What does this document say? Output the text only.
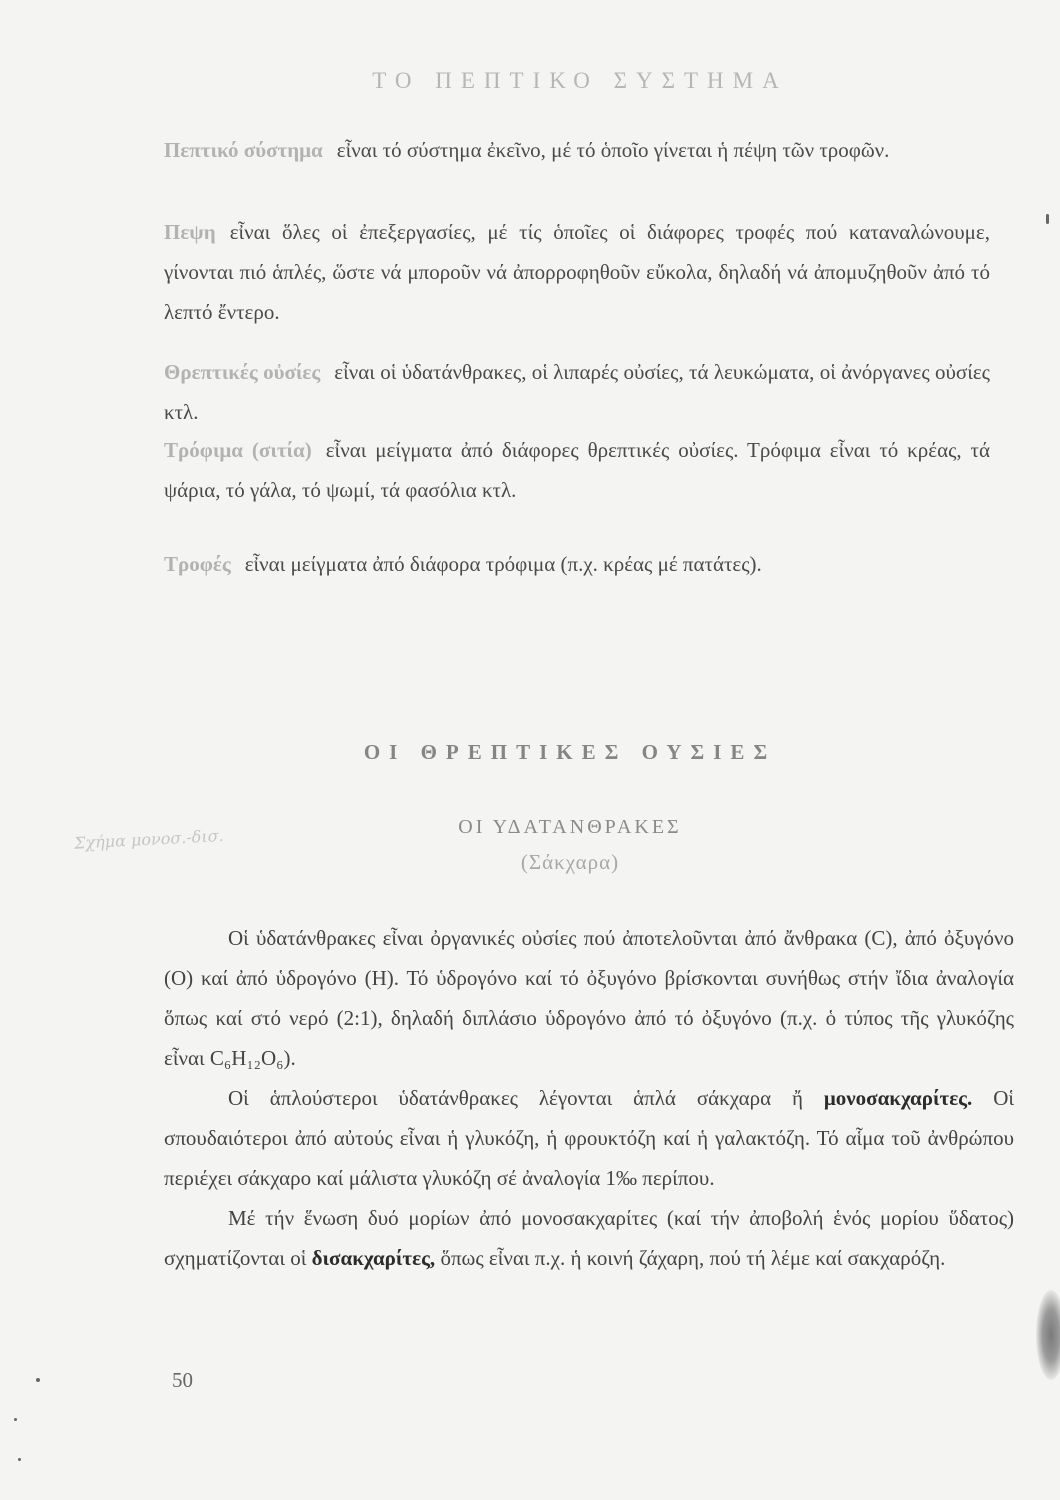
ΤΟ ΠΕΠΤΙΚΟ ΣΥΣΤΗΜΑ
Πεπτικό σύστημα εἶναι τό σύστημα ἐκεῖνο, μέ τό ὁποῖο γίνεται ἡ πέψη τῶν τροφῶν.
Πεψη εἶναι ὅλες οἱ ἐπεξεργασίες, μέ τίς ὁποῖες οἱ διάφορες τροφές πού καταναλώνουμε, γίνονται πιό ἁπλές, ὥστε νά μποροῦν νά ἀπορροφηθοῦν εὔκολα, δηλαδή νά ἀπομυζηθοῦν ἀπό τό λεπτό ἔντερο.
Θρεπτικές οὐσίες εἶναι οἱ ὑδατάνθρακες, οἱ λιπαρές οὐσίες, τά λευκώματα, οἱ ἀνόργανες οὐσίες κτλ.
Τρόφιμα (σιτία) εἶναι μείγματα ἀπό διάφορες θρεπτικές οὐσίες. Τρόφιμα εἶναι τό κρέας, τά ψάρια, τό γάλα, τό ψωμί, τά φασόλια κτλ.
Τροφές εἶναι μείγματα ἀπό διάφορα τρόφιμα (π.χ. κρέας μέ πατάτες).
ΟΙ ΘΡΕΠΤΙΚΕΣ ΟΥΣΙΕΣ
Σχήμα μονοσ.-δισ.	ΟΙ ΥΔΑΤΑΝΘΡΑΚΕΣ
(Σάκχαρα)

Οἱ ὑδατάνθρακες εἶναι ὀργανικές οὐσίες πού ἀποτελοῦνται ἀπό ἄνθρακα (C), ἀπό ὀξυγόνο (O) καί ἀπό ὑδρογόνο (H). Τό ὑδρογόνο καί τό ὀξυγόνο βρίσκονται συνήθως στήν ἴδια ἀναλογία ὅπως καί στό νερό (2:1), δηλαδή διπλάσιο ὑδρογόνο ἀπό τό ὀξυγόνο (π.χ. ὁ τύπος τῆς γλυκόζης εἶναι C₆H₁₂O₆).

Οἱ ἁπλούστεροι ὑδατάνθρακες λέγονται ἁπλά σάκχαρα ἤ μονοσακχαρίτες. Οἱ σπουδαιότεροι ἀπό αὐτούς εἶναι ἡ γλυκόζη, ἡ φρουκτόζη καί ἡ γαλακτόζη. Τό αἷμα τοῦ ἀνθρώπου περιέχει σάκχαρο καί μάλιστα γλυκόζη σέ ἀναλογία 1‰ περίπου.

Μέ τήν ἕνωση δυό μορίων ἀπό μονοσακχαρίτες (καί τήν ἀποβολή ἑνός μορίου ὕδατος) σχηματίζονται οἱ δισακχαρίτες, ὅπως εἶναι π.χ. ἡ κοινή ζάχαρη, πού τή λέμε καί σακχαρόζη.

50
